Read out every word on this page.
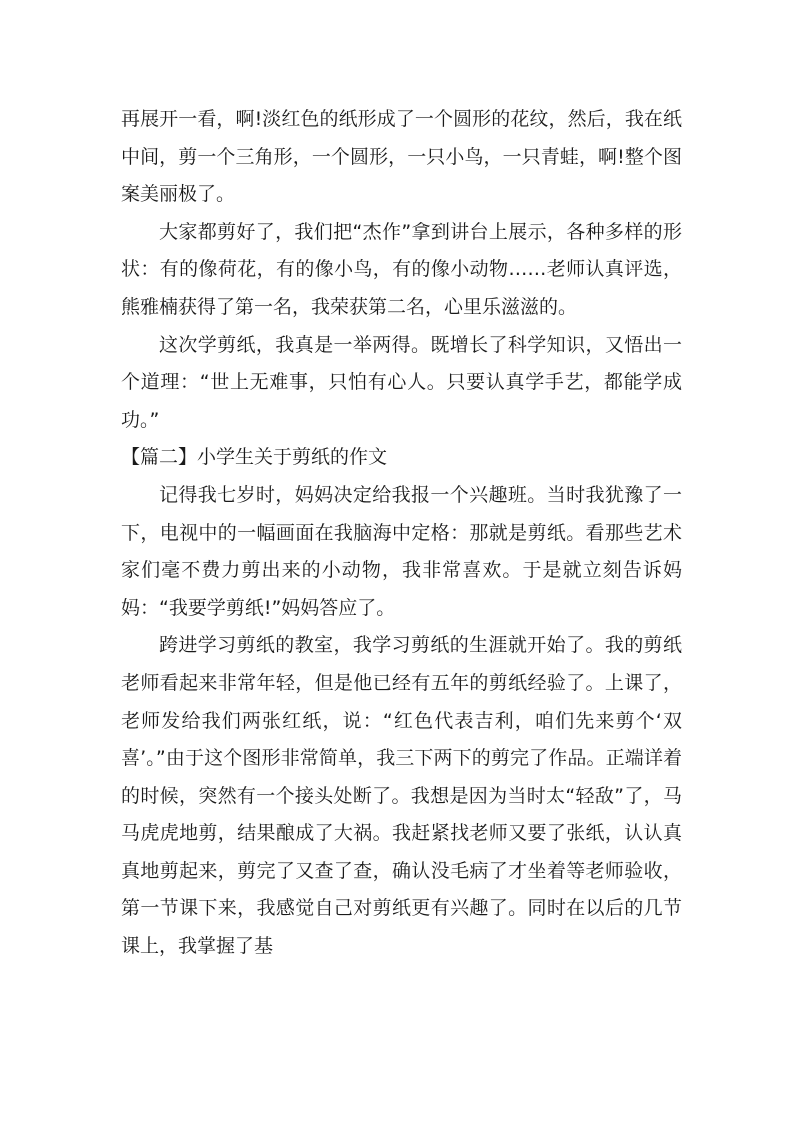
再展开一看，啊!淡红色的纸形成了一个圆形的花纹，然后，我在纸中间，剪一个三角形，一个圆形，一只小鸟，一只青蛙，啊!整个图案美丽极了。

大家都剪好了，我们把“杰作”拿到讲台上展示，各种多样的形状：有的像荷花，有的像小鸟，有的像小动物……老师认真评选，熊雅楠获得了第一名，我荣获第二名，心里乐滋滋的。

这次学剪纸，我真是一举两得。既增长了科学知识，又悟出一个道理：“世上无难事，只怕有心人。只要认真学手艺，都能学成功。”

【篇二】小学生关于剪纸的作文

记得我七岁时，妈妈决定给我报一个兴趣班。当时我犹豫了一下，电视中的一幅画面在我脑海中定格：那就是剪纸。看那些艺术家们毫不费力剪出来的小动物，我非常喜欢。于是就立刻告诉妈妈：“我要学剪纸!”妈妈答应了。

跨进学习剪纸的教室，我学习剪纸的生涯就开始了。我的剪纸老师看起来非常年轻，但是他已经有五年的剪纸经验了。上课了，老师发给我们两张红纸，说：“红色代表吉利，咱们先来剪个‘双喜’。”由于这个图形非常简单，我三下两下的剪完了作品。正端详着的时候，突然有一个接头处断了。我想是因为当时太“轻敌”了，马马虎虎地剪，结果酿成了大祸。我赶紧找老师又要了张纸，认认真真地剪起来，剪完了又查了查，确认没毛病了才坐着等老师验收，第一节课下来，我感觉自己对剪纸更有兴趣了。同时在以后的几节课上，我掌握了基
